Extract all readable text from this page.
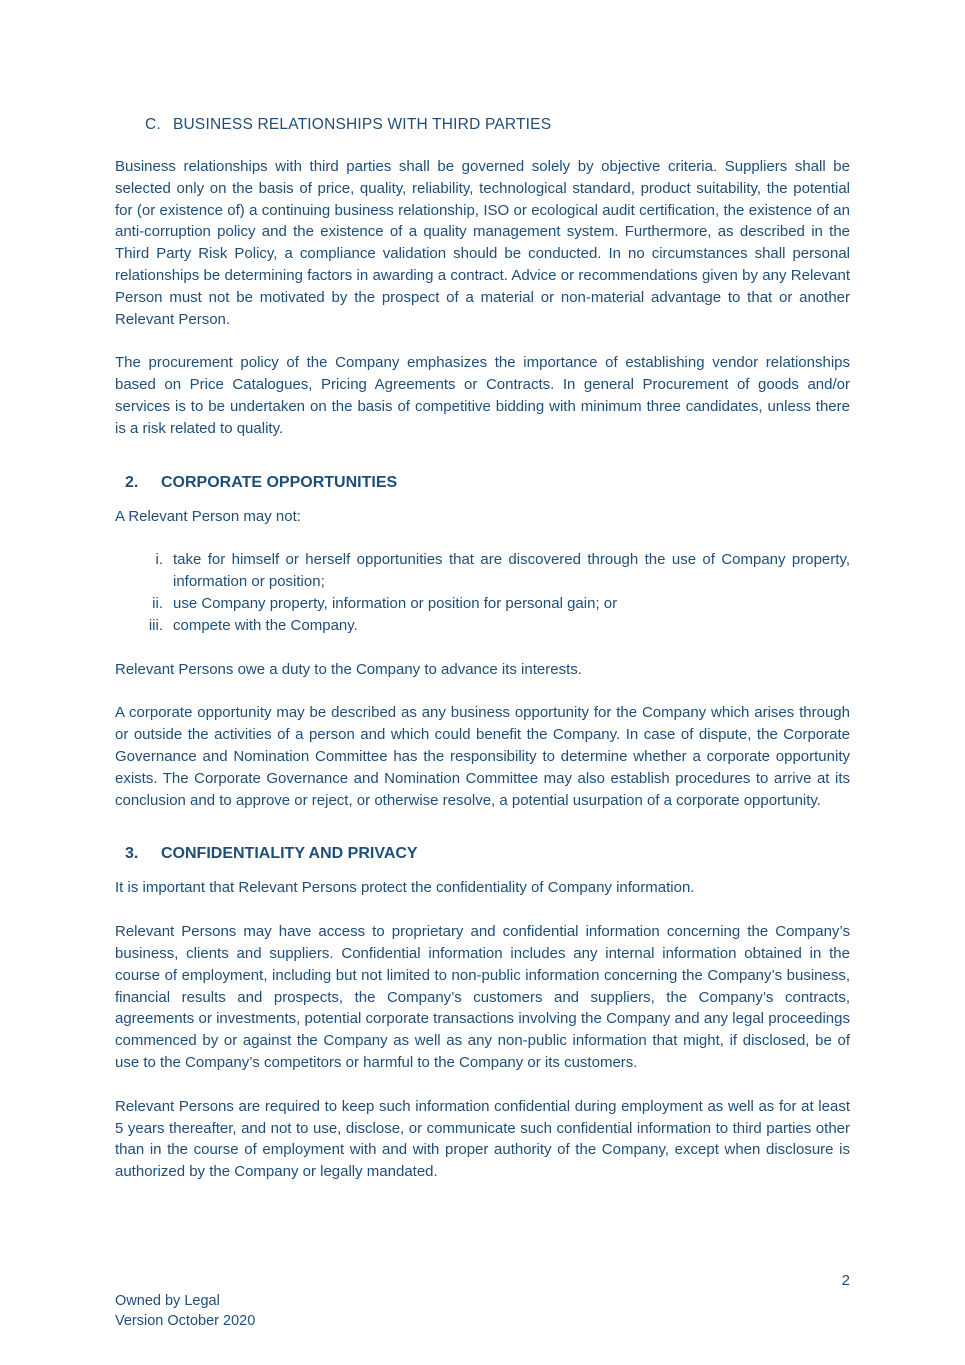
C. BUSINESS RELATIONSHIPS WITH THIRD PARTIES

Business relationships with third parties shall be governed solely by objective criteria. Suppliers shall be selected only on the basis of price, quality, reliability, technological standard, product suitability, the potential for (or existence of) a continuing business relationship, ISO or ecological audit certification, the existence of an anti-corruption policy and the existence of a quality management system. Furthermore, as described in the Third Party Risk Policy, a compliance validation should be conducted. In no circumstances shall personal relationships be determining factors in awarding a contract. Advice or recommendations given by any Relevant Person must not be motivated by the prospect of a material or non-material advantage to that or another Relevant Person.

The procurement policy of the Company emphasizes the importance of establishing vendor relationships based on Price Catalogues, Pricing Agreements or Contracts. In general Procurement of goods and/or services is to be undertaken on the basis of competitive bidding with minimum three candidates, unless there is a risk related to quality.

2. CORPORATE OPPORTUNITIES

A Relevant Person may not:

i. take for himself or herself opportunities that are discovered through the use of Company property, information or position;
ii. use Company property, information or position for personal gain; or
iii. compete with the Company.

Relevant Persons owe a duty to the Company to advance its interests.

A corporate opportunity may be described as any business opportunity for the Company which arises through or outside the activities of a person and which could benefit the Company. In case of dispute, the Corporate Governance and Nomination Committee has the responsibility to determine whether a corporate opportunity exists. The Corporate Governance and Nomination Committee may also establish procedures to arrive at its conclusion and to approve or reject, or otherwise resolve, a potential usurpation of a corporate opportunity.

3. CONFIDENTIALITY AND PRIVACY

It is important that Relevant Persons protect the confidentiality of Company information.

Relevant Persons may have access to proprietary and confidential information concerning the Company’s business, clients and suppliers. Confidential information includes any internal information obtained in the course of employment, including but not limited to non-public information concerning the Company’s business, financial results and prospects, the Company’s customers and suppliers, the Company’s contracts, agreements or investments, potential corporate transactions involving the Company and any legal proceedings commenced by or against the Company as well as any non-public information that might, if disclosed, be of use to the Company’s competitors or harmful to the Company or its customers.

Relevant Persons are required to keep such information confidential during employment as well as for at least 5 years thereafter, and not to use, disclose, or communicate such confidential information to third parties other than in the course of employment with and with proper authority of the Company, except when disclosure is authorized by the Company or legally mandated.

2
Owned by Legal
Version October 2020
